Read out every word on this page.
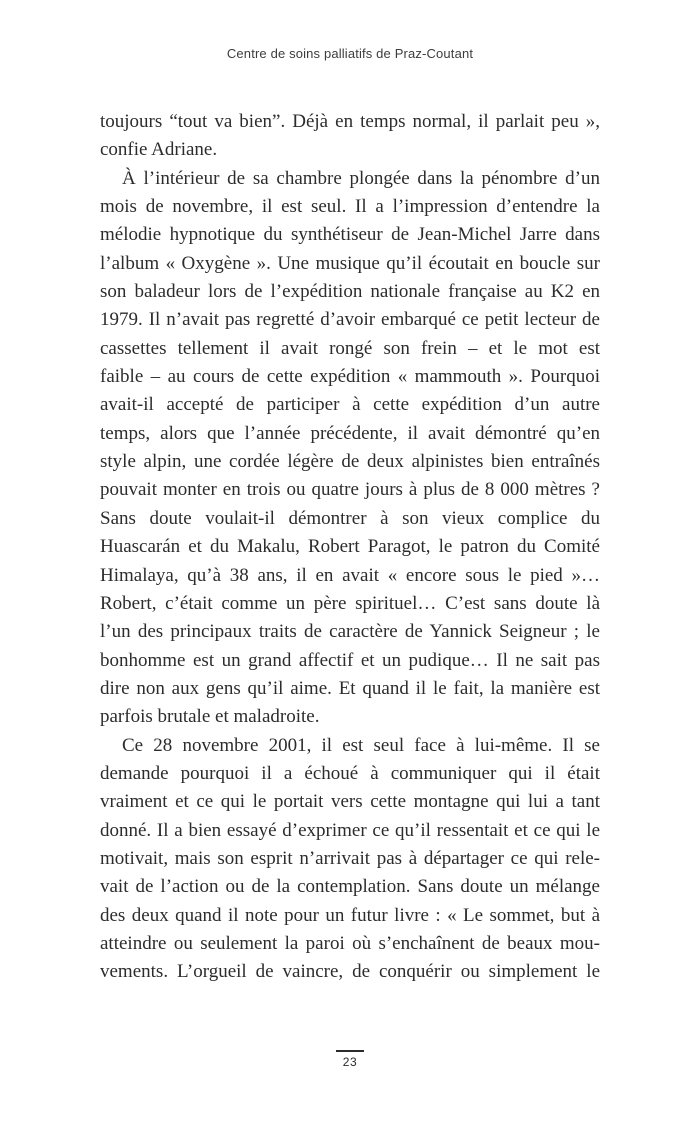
Centre de soins palliatifs de Praz-Coutant
toujours “tout va bien”. Déjà en temps normal, il parlait peu »,
confie Adriane.
À l’intérieur de sa chambre plongée dans la pénombre d’un
mois de novembre, il est seul. Il a l’impression d’entendre la
mélodie hypnotique du synthétiseur de Jean-Michel Jarre dans
l’album « Oxygène ». Une musique qu’il écoutait en boucle sur
son baladeur lors de l’expédition nationale française au K2 en
1979. Il n’avait pas regretté d’avoir embarqué ce petit lecteur de
cassettes tellement il avait rongé son frein – et le mot est
faible – au cours de cette expédition « mammouth ». Pourquoi
avait-il accepté de participer à cette expédition d’un autre
temps, alors que l’année précédente, il avait démontré qu’en
style alpin, une cordée légère de deux alpinistes bien entraînés
pouvait monter en trois ou quatre jours à plus de 8 000 mètres ?
Sans doute voulait-il démontrer à son vieux complice du
Huascarán et du Makalu, Robert Paragot, le patron du Comité
Himalaya, qu’à 38 ans, il en avait « encore sous le pied »…
Robert, c’était comme un père spirituel… C’est sans doute là
l’un des principaux traits de caractère de Yannick Seigneur ; le
bonhomme est un grand affectif et un pudique… Il ne sait pas
dire non aux gens qu’il aime. Et quand il le fait, la manière est
parfois brutale et maladroite.
Ce 28 novembre 2001, il est seul face à lui-même. Il se
demande pourquoi il a échoué à communiquer qui il était
vraiment et ce qui le portait vers cette montagne qui lui a tant
donné. Il a bien essayé d’exprimer ce qu’il ressentait et ce qui le
motivait, mais son esprit n’arrivait pas à départager ce qui rele-
vait de l’action ou de la contemplation. Sans doute un mélange
des deux quand il note pour un futur livre : « Le sommet, but à
atteindre ou seulement la paroi où s’enchaînent de beaux mou-
vements. L’orgueil de vaincre, de conquérir ou simplement le
23
